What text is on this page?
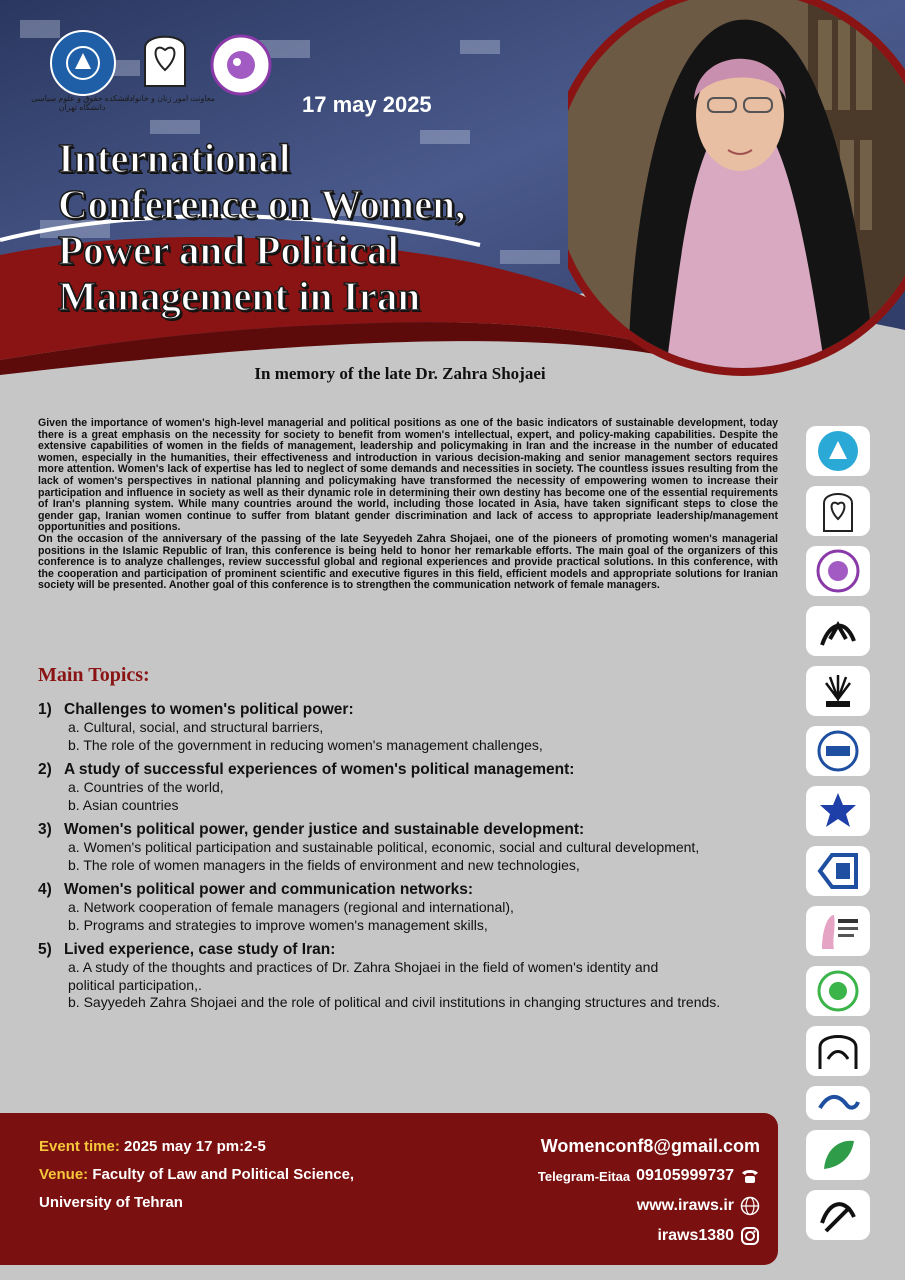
دانشکده حقوق و علوم سیاسی دانشگاه تهران
معاونت امور زنان و خانواده	17 may 2025
International
Conference on Women,
Power and Political
Management in Iran
In memory of the late Dr. Zahra Shojaei

Given the importance of women's high-level managerial and political positions as one of the basic indicators of sustainable development, today there is a great emphasis on the necessity for society to benefit from women's intellectual, expert, and policy-making capabilities. Despite the extensive capabilities of women in the fields of management, leadership and policymaking in Iran and the increase in the number of educated women, especially in the humanities, their effectiveness and introduction in various decision-making and senior management sectors requires more attention. Women's lack of expertise has led to neglect of some demands and necessities in society. The countless issues resulting from the lack of women's perspectives in national planning and policymaking have transformed the necessity of empowering women to increase their participation and influence in society as well as their dynamic role in determining their own destiny has become one of the essential requirements of Iran's planning system. While many countries around the world, including those located in Asia, have taken significant steps to close the gender gap, Iranian women continue to suffer from blatant gender discrimination and lack of access to appropriate leadership/management opportunities and positions.

On the occasion of the anniversary of the passing of the late Seyyedeh Zahra Shojaei, one of the pioneers of promoting women's managerial positions in the Islamic Republic of Iran, this conference is being held to honor her remarkable efforts. The main goal of the organizers of this conference is to analyze challenges, review successful global and regional experiences and provide practical solutions. In this conference, with the cooperation and participation of prominent scientific and executive figures in this field, efficient models and appropriate solutions for Iranian society will be presented. Another goal of this conference is to strengthen the communication network of female managers.

Main Topics:
1) Challenges to women's political power:
a. Cultural, social, and structural barriers,
b. The role of the government in reducing women's management challenges,
2) A study of successful experiences of women's political management:
a. Countries of the world,
b. Asian countries
3) Women's political power, gender justice and sustainable development:
a. Women's political participation and sustainable political, economic, social and cultural development,
b. The role of women managers in the fields of environment and new technologies,
4) Women's political power and communication networks:
a. Network cooperation of female managers (regional and international),
b. Programs and strategies to improve women's management skills,
5) Lived experience, case study of Iran:
a. A study of the thoughts and practices of Dr. Zahra Shojaei in the field of women's identity and
political participation,.
b. Sayyedeh Zahra Shojaei and the role of political and civil institutions in changing structures and trends.
Event time: 2025 may 17 pm:2-5
Venue: Faculty of Law and Political Science,
University of Tehran
Womenconf8@gmail.com
Telegram-Eitaa 09105999737
www.iraws.ir
iraws1380
